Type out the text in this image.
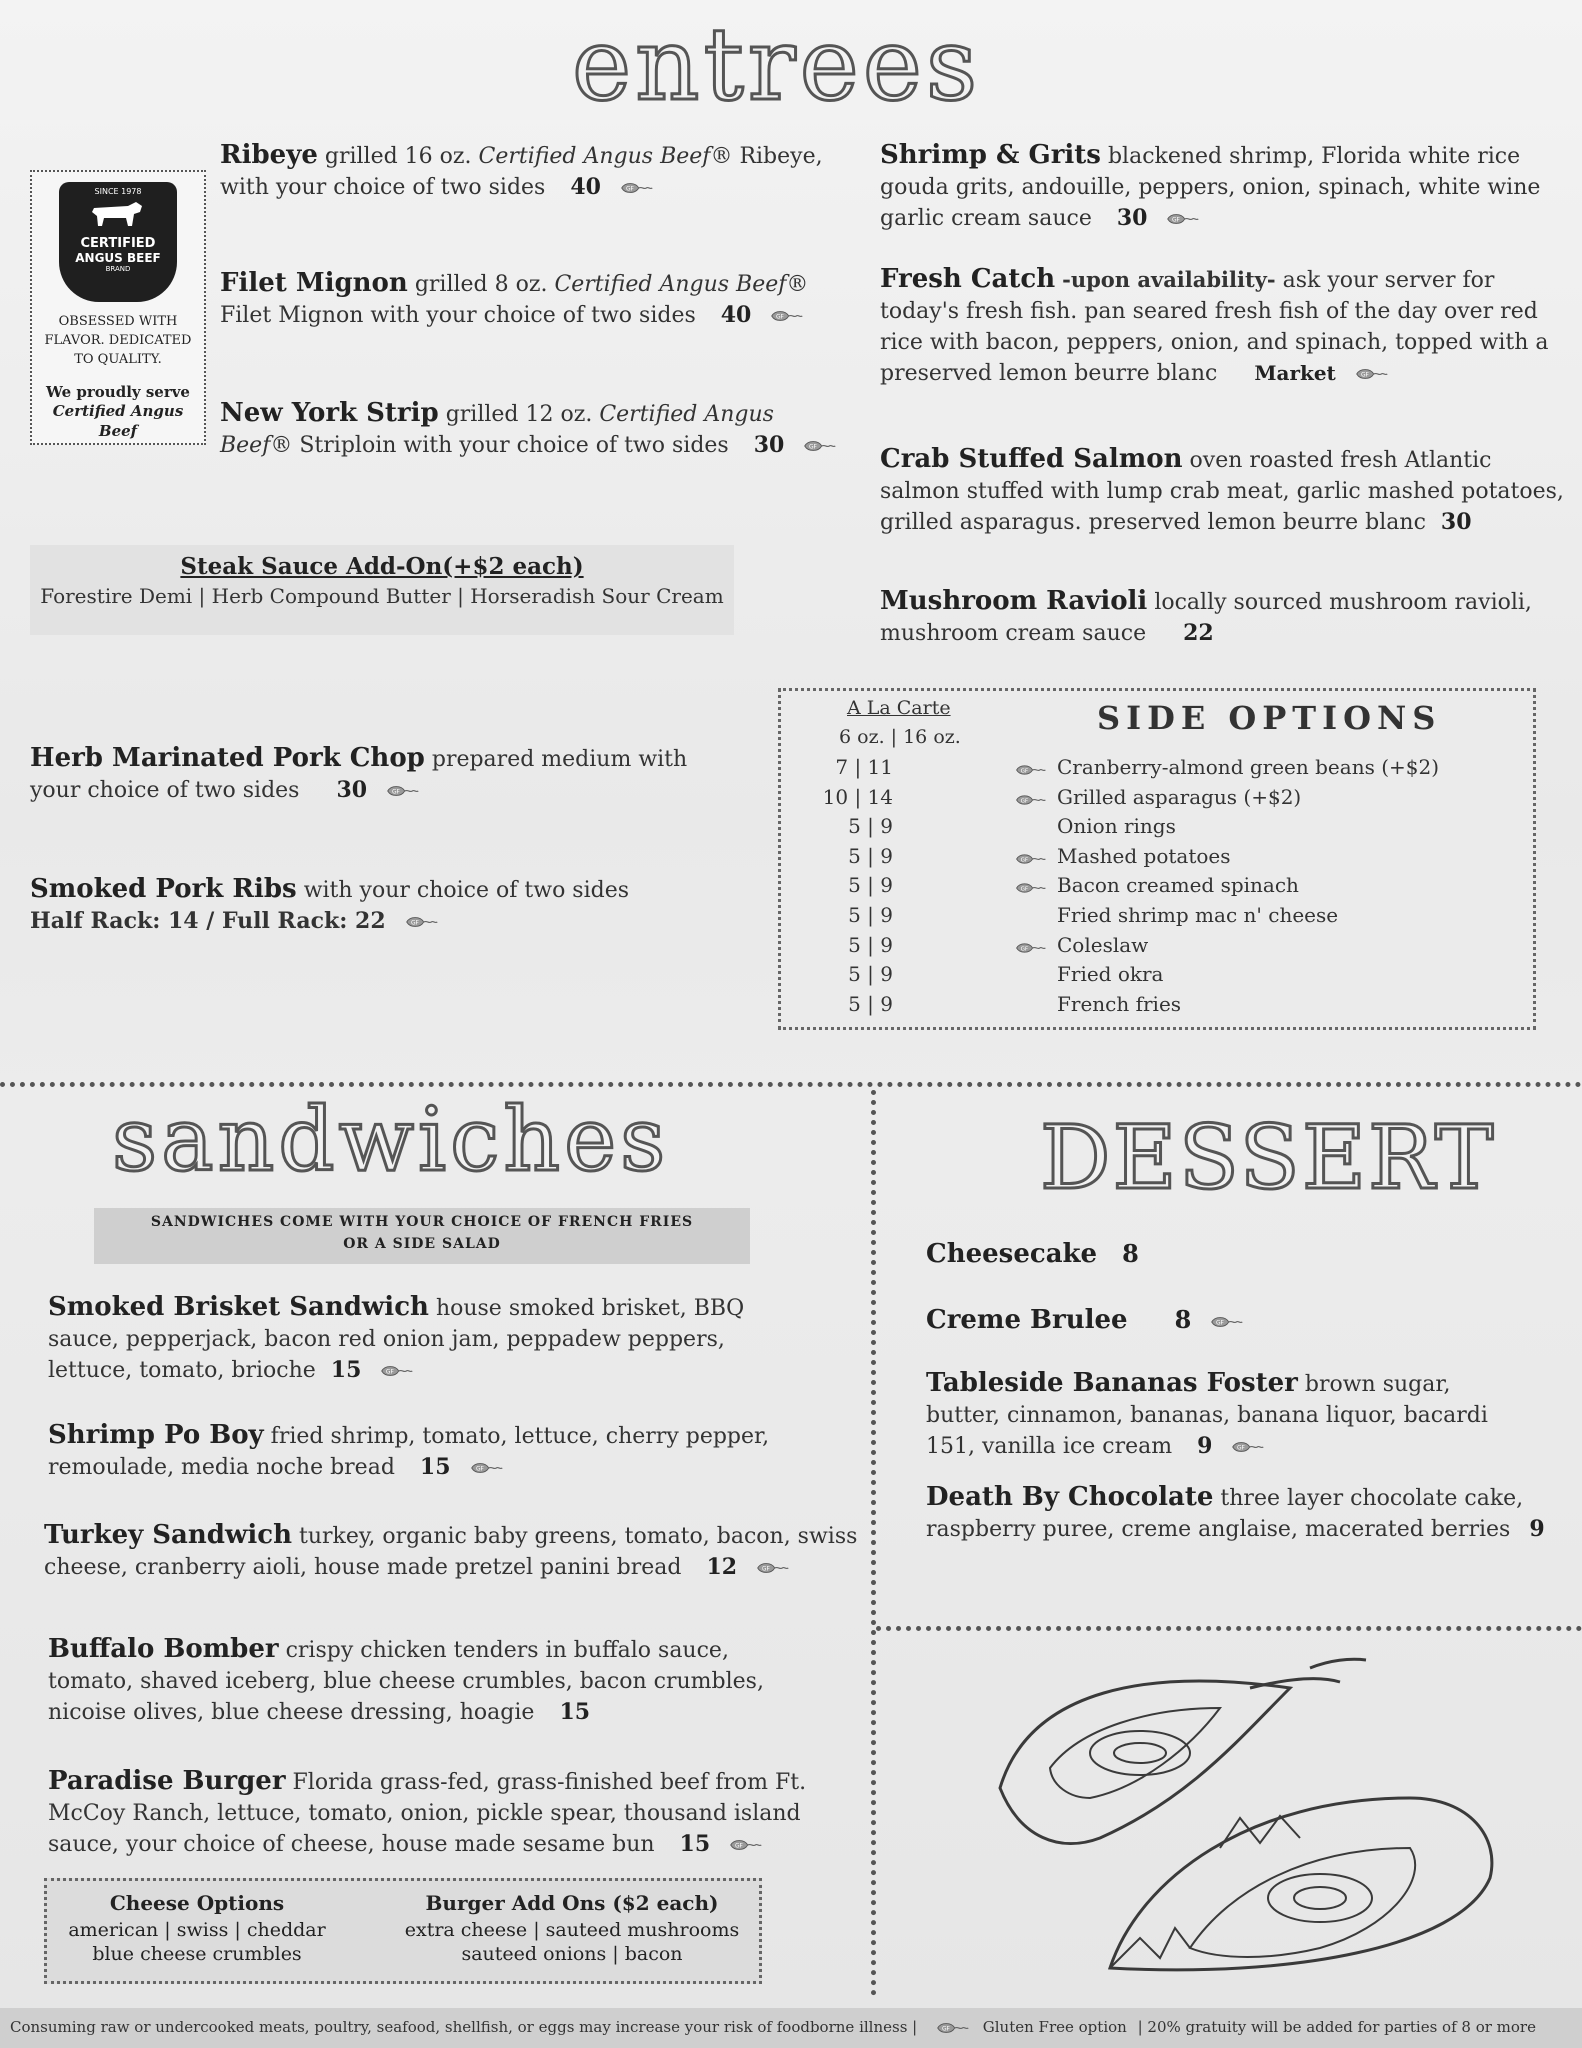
entrees
SINCE 1978
CERTIFIED
ANGUS BEEF
BRAND
OBSESSED WITH FLAVOR. DEDICATED TO QUALITY.
We proudly serve
Certified Angus Beef
Ribeye grilled 16 oz. Certified Angus Beef® Ribeye, with your choice of two sides 40
Filet Mignon grilled 8 oz. Certified Angus Beef® Filet Mignon with your choice of two sides 40
New York Strip grilled 12 oz. Certified Angus Beef® Striploin with your choice of two sides 30
Steak Sauce Add-On(+$2 each)
Forestire Demi | Herb Compound Butter | Horseradish Sour Cream
Shrimp & Grits blackened shrimp, Florida white rice gouda grits, andouille, peppers, onion, spinach, white wine garlic cream sauce 30
Fresh Catch -upon availability- ask your server for today's fresh fish. pan seared fresh fish of the day over red rice with bacon, peppers, onion, and spinach, topped with a preserved lemon beurre blanc Market
Crab Stuffed Salmon oven roasted fresh Atlantic salmon stuffed with lump crab meat, garlic mashed potatoes, grilled asparagus. preserved lemon beurre blanc 30
Mushroom Ravioli locally sourced mushroom ravioli, mushroom cream sauce 22
Herb Marinated Pork Chop prepared medium with your choice of two sides 30
Smoked Pork Ribs with your choice of two sides
Half Rack: 14 / Full Rack: 22
A La Carte
6 oz. | 16 oz.	SIDE OPTIONS
7 | 11	Cranberry-almond green beans (+$2)
10 | 14	Grilled asparagus (+$2)
5 | 9	Onion rings
5 | 9	Mashed potatoes
5 | 9	Bacon creamed spinach
5 | 9	Fried shrimp mac n' cheese
5 | 9	Coleslaw
5 | 9	Fried okra
5 | 9	French fries
sandwiches
SANDWICHES COME WITH YOUR CHOICE OF FRENCH FRIES
OR A SIDE SALAD
Smoked Brisket Sandwich house smoked brisket, BBQ sauce, pepperjack, bacon red onion jam, peppadew peppers, lettuce, tomato, brioche 15
Shrimp Po Boy fried shrimp, tomato, lettuce, cherry pepper, remoulade, media noche bread 15
Turkey Sandwich turkey, organic baby greens, tomato, bacon, swiss cheese, cranberry aioli, house made pretzel panini bread 12
Buffalo Bomber crispy chicken tenders in buffalo sauce, tomato, shaved iceberg, blue cheese crumbles, bacon crumbles, nicoise olives, blue cheese dressing, hoagie 15
Paradise Burger Florida grass-fed, grass-finished beef from Ft. McCoy Ranch, lettuce, tomato, onion, pickle spear, thousand island sauce, your choice of cheese, house made sesame bun 15
Cheese Options
american | swiss | cheddar
blue cheese crumbles
Burger Add Ons ($2 each)
extra cheese | sauteed mushrooms
sauteed onions | bacon
DESSERT
Cheesecake 8
Creme Brulee 8
Tableside Bananas Foster brown sugar, butter, cinnamon, bananas, banana liquor, bacardi 151, vanilla ice cream 9
Death By Chocolate three layer chocolate cake, raspberry puree, creme anglaise, macerated berries 9
Consuming raw or undercooked meats, poultry, seafood, shellfish, or eggs may increase your risk of foodborne illness |	Gluten Free option | 20% gratuity will be added for parties of 8 or more
